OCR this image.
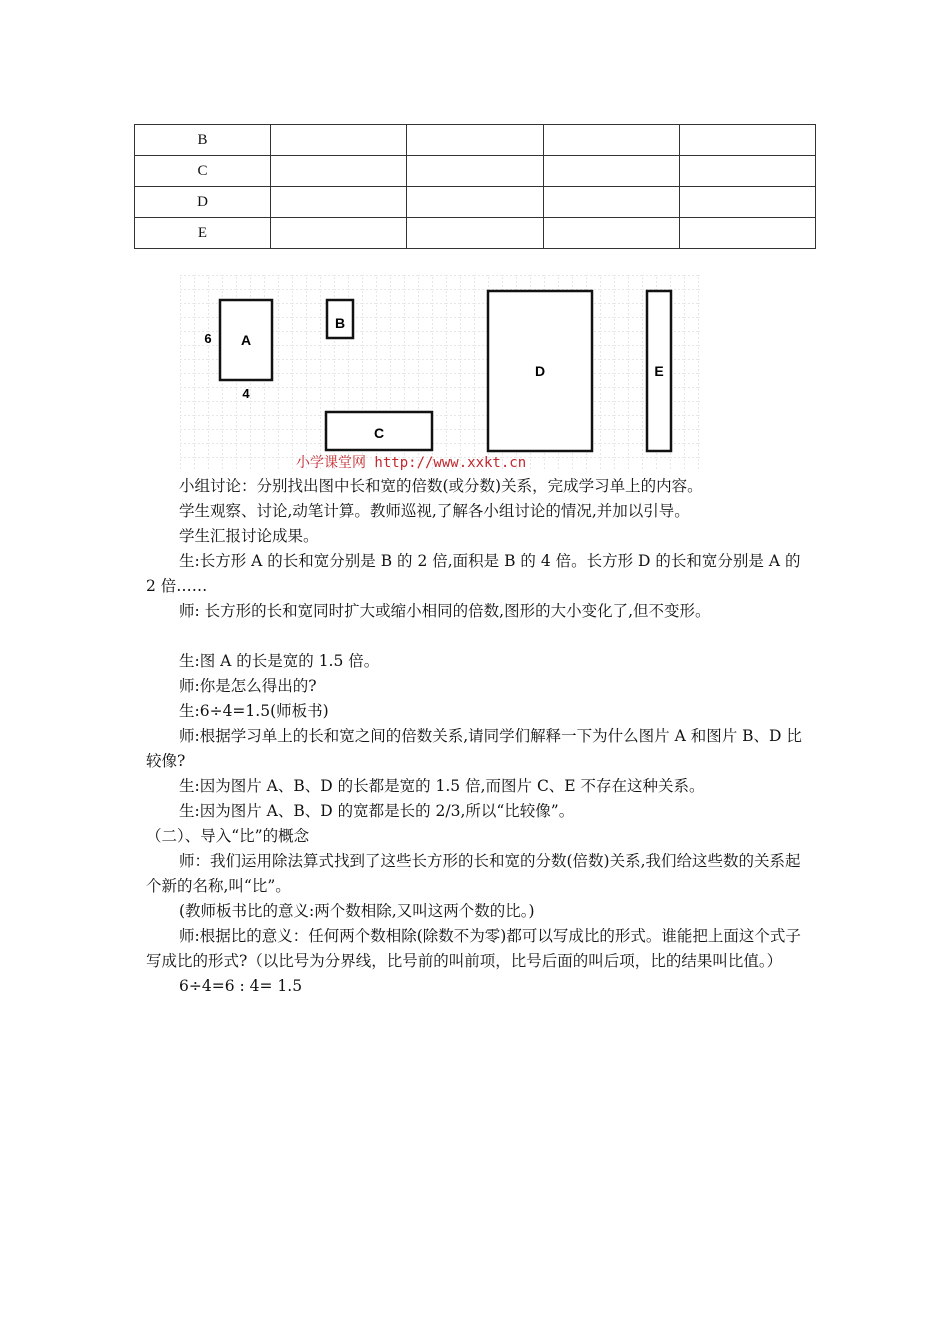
B				
C				
D				
E				
A
B
C
D	E
6
4
小学课堂网 http://www.xxkt.cn

小组讨论：分别找出图中长和宽的倍数(或分数)关系，完成学习单上的内容。

学生观察、讨论,动笔计算。教师巡视,了解各小组讨论的情况,并加以引导。

学生汇报讨论成果。

生:长方形 A 的长和宽分别是 B 的 2 倍,面积是 B 的 4 倍。长方形 D 的长和宽分别是 A 的 2 倍……

师: 长方形的长和宽同时扩大或缩小相同的倍数,图形的大小变化了,但不变形。

生:图 A 的长是宽的 1.5 倍。

师:你是怎么得出的?

生:6÷4=1.5(师板书)

师:根据学习单上的长和宽之间的倍数关系,请同学们解释一下为什么图片 A 和图片 B、D 比较像?

生:因为图片 A、B、D 的长都是宽的 1.5 倍,而图片 C、E 不存在这种关系。

生:因为图片 A、B、D 的宽都是长的 2/3,所以“比较像”。

（二）、导入“比”的概念

师：我们运用除法算式找到了这些长方形的长和宽的分数(倍数)关系,我们给这些数的关系起个新的名称,叫“比”。

(教师板书比的意义:两个数相除,又叫这两个数的比。)

师:根据比的意义：任何两个数相除(除数不为零)都可以写成比的形式。谁能把上面这个式子写成比的形式?（以比号为分界线，比号前的叫前项，比号后面的叫后项，比的结果叫比值。）

6÷4=6 : 4= 1.5
